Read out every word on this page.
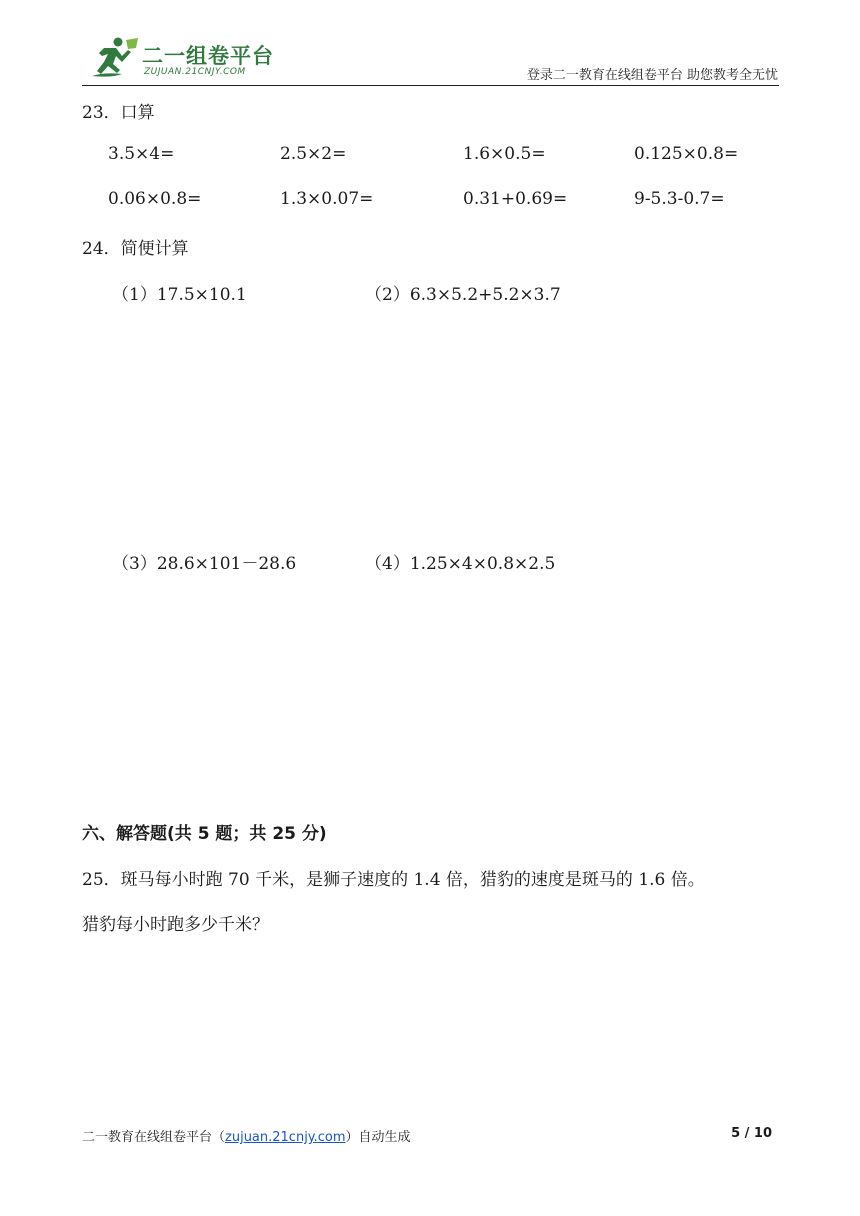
二一组卷平台
ZUJUAN.21CNJY.COM	登录二一教育在线组卷平台 助您教考全无忧
23．口算
3.5×4=	2.5×2=	1.6×0.5=	0.125×0.8=
0.06×0.8=	1.3×0.07=	0.31+0.69=	9-5.3-0.7=
24．简便计算
（1）17.5×10.1	（2）6.3×5.2+5.2×3.7
（3）28.6×101－28.6	（4）1.25×4×0.8×2.5
六、解答题(共 5 题；共 25 分)
25．斑马每小时跑 70 千米，是狮子速度的 1.4 倍，猎豹的速度是斑马的 1.6 倍。
猎豹每小时跑多少千米？
二一教育在线组卷平台（zujuan.21cnjy.com）自动生成	5 / 10
